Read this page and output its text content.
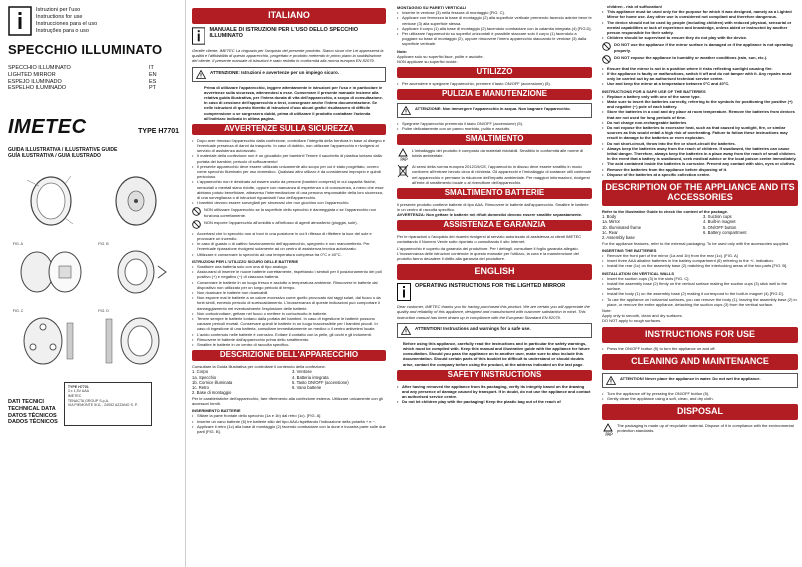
Istruzioni per l'uso
Instructions for use
Instrucciones para el uso
Instruções para o uso
SPECCHIO ILLUMINATO
SPECCHIO ILLUMINATO	IT
LIGHTED MIRROR	EN
ESPEJO ILUMINADO	ES
ESPELHO ILUMINADO	PT
IMETEC	TYPE H7701
GUIDA ILLUSTRATIVA / ILLUSTRATIVE GUIDE
GUÍA ILUSTRATIVA / GUIA ILUSTRADO
FIG. A	FIG. B
FIG. C	FIG. D
DATI TECNICI
TECHNICAL DATA
DATOS TÉCNICOS
DADOS TÉCNICOS
TYPE H7701
3 x 1,5V AAA
IMETEC
TENACTA GROUP S.p.A.
VIA PIEMONTE 5/11 - 24052 AZZANO S. P.
ITALIANO
MANUALE DI ISTRUZIONI PER L'USO DELLO SPECCHIO ILLUMINATO
Gentile cliente, IMETEC La ringrazia per l'acquisto del presente prodotto. Siamo sicuri che Lei apprezzerà la qualità e l'affidabilità di questo apparecchio, progettato e prodotto mettendo in primo piano la soddisfazione del cliente. Il presente manuale di istruzioni è stato redatto in conformità alla norma europea EN 82079.
ATTENZIONE: Istruzioni e avvertenze per un impiego sicuro.
Prima di utilizzare l'apparecchio, leggere attentamente le istruzioni per l'uso e in particolare le avvertenze sulla sicurezza, attenendosi a esse. Conservare il presente manuale insieme alla relativa guida illustrativa, per l'intera durata di vita dell'apparecchio, a scopo di consultazione. In caso di cessione dell'apparecchio a terzi, consegnare anche l'intera documentazione. Se nelle istruzioni di questo libretto di istruzioni d'uso alcuni grafici risultassero di difficile comprensione o se sorgessero dubbi, prima di utilizzare il prodotto contattare l'azienda all'indirizzo indicato in ultima pagina.
AVVERTENZE SULLA SICUREZZA
• Dopo aver rimosso l'apparecchio dalla confezione, controllare l'integrità della fornitura in base al disegno e l'eventuale presenza di danni da trasporto. In caso di dubbio, non utilizzare l'apparecchio e rivolgersi al servizio di assistenza autorizzato.
• Il materiale della confezione non è un giocattolo per bambini! Tenere il sacchetto di plastica lontano dalla portata dei bambini; pericolo di soffocamento!
• Il presente apparecchio deve essere utilizzato unicamente allo scopo per cui è stato progettato, ovvero come specchio illuminato per uso domestico. Qualsiasi altro utilizzo è da considerarsi improprio e quindi pericoloso.
• L'apparecchio non è destinato ad essere usato da persone (bambini compresi) le cui capacità fisiche, sensoriali o mentali siano ridotte, oppure con mancanza di esperienza o di conoscenza, a meno che esse abbiano potuto beneficiare, attraverso l'intermediazione di una persona responsabile della loro sicurezza, di una sorveglianza o di istruzioni riguardanti l'uso dell'apparecchio.
• I bambini devono essere sorvegliati per sincerarsi che non giochino con l'apparecchio.
NON utilizzare l'apparecchio se la superficie dello specchio è danneggiata o se l'apparecchio non funziona correttamente.
NON esporre l'apparecchio all'umidità o all'influsso di agenti atmosferici (pioggia, sole).
• Accertarsi che lo specchio non si trovi in una posizione in cui il riflesso di riflettere la luce del sole e provocare un incendio.
• In caso di guasto o di cattivo funzionamento dell'apparecchio, spegnerlo e non manometterlo. Per l'eventuale riparazione rivolgersi solamente ad un centro di assistenza tecnica autorizzato.
• Utilizzare e conservare lo specchio ad una temperatura compresa tra 0°C e 40°C.
ISTRUZIONI PER L'UTILIZZO SICURO DELLE BATTERIE
• Sostituire una batteria solo con una di tipo analogo.
• Assicurarsi di inserire le nuove batterie correttamente, rispettando i simboli per il posizionamento dei poli positivo (+) e negativo (−) di ciascuna batteria.
• Conservare le batterie in un luogo fresco e asciutto a temperatura ambiente. Rimuovere le batterie dal dispositivo non utilizzato per un lungo periodo di tempo.
• Non ricaricare le batterie non ricaricabili.
• Non esporre mai le batterie a un calore eccessivo come quello provocato dai raggi solari, dal fuoco o da fonti simili, ennesto pericolo di surriscaldamento. L'inosservanza di queste indicazioni può comportare il danneggiamento nel eventualmente l'esplosione delle batterie.
• Non cortocircuitare, gettare nel fuoco o mettere in cortocircuito le batterie.
• Tenere sempre le batterie lontano dalla portata dei bambini. In caso di ingestione le batterie possono causare pericoli mortali. Conservare quindi le batterie in un luogo inaccessibile per i bambini piccoli. In caso di ingestione di una batteria, consultare immediatamente un medico o il centro antiveleni locale.
• L'acido contenuto nelle batterie è corrosivo. Evitare il contatto con la pelle, gli occhi e gli indumenti.
• Rimuovere le batterie dall'apparecchio prima dello smaltimento.
• Smaltire le batterie in un centro di raccolta specifico.
DESCRIZIONE DELL'APPARECCHIO
Consultare la Guida Illustrativa per controllare il contenuto della confezione.
1. Corpo
1a. Specchio
1b. Cornice illuminata
1c. Retro
2. Base di montaggio
3. Ventose
4. Batteria integrata
5. Tasto ON/OFF (accensione)
6. Vano batterie
Per le caratteristiche dell'apparecchio, fare riferimento alla confezione esterna. Utilizzare unicamente con gli accessori forniti.
INSERIMENTO BATTERIE
• Sfilare la parte frontale dello specchio (1a e 1b) dal retro (1c). [FIG. A]
• Inserire un vano batterie (6) tre batterie stilo del tipo AAA rispettando l'indicazione della polarità + e −.
• Applicare il retro (1c) alla base di montaggio (2) facendo combaciare con la dune e incastra parte sulle due parti [FIG. B].
MONTAGGIO SU PARETI VERTICALI
• Inserire le ventose (3) nella fessura di montaggio [FIG. C].
• Applicare con fermezza la base di montaggio (2) alla superficie verticale premendo facendo aderire bene le ventose (3) alla superficie stessa.
• Applicare il corpo (1) alla base di montaggio (2) facendolo combaciare con la calamita integrata (4) [FIG.D].
• Per utilizzare l'apparecchio su superfici orizzontali è possibile staccare solo il corpo (1) facendolo a poggiare su base di montaggio (2), oppure rimuovere l'intero apparecchio staccando le ventose (3) dalla superficie verticale.
Note:
Applicare solo su superfici lisce, pulite e asciutte.
NON applicare su superfici ruvide.
UTILIZZO
• Per accendere e spegnere l'apparecchio, premere il tasto ON/OFF (accensione) (5).
PULIZIA E MANUTENZIONE
ATTENZIONE: Non immergere l'apparecchio in acqua. Non bagnare l'apparecchio.
• Spegnere l'apparecchio premendo il tasto ON/OFF (accensione) (5).
• Pulire delicatamente con un panno morbido, pulito e asciutto.
SMALTIMENTO
PAP
L'imballaggio del prodotto è composto da materiali riciclabili. Smaltirlo in conformità alle norme di tutela ambientale.
Ai sensi della norma europea 2012/19/CE, l'apparecchio in disuso deve essere smaltito in modo conforme all'entrare bevuto circa di richiesta. Gli apparecchi e l'imballaggio di sostanze utili contenute nel apparecchio e permane la riduzione dell'impatto ambientale. Per maggiori informazioni, rivolgersi all'ente di smaltimento locale o al rivenditore dell'apparecchio.
SMALTIMENTO BATTERIE
Il presente prodotto contiene batterie di tipo AAA. Rimuovere le batterie dall'apparecchio. Smaltire le batterie in un centro di raccolta specifico.
AVVERTENZA: Non gettare le batterie nei rifiuti domestici devono essere smaltite separatamente.
ASSISTENZA E GARANZIA
Per le riparazioni o l'acquisto dei ricambi rivolgersi al servizio autorizzato di assistenza ai clienti IMETEC contattando il Numero Verde sotto riportato o consultando il sito Internet.
L'apparecchio è coperto da garanzia del produttore. Per i dettagli, consultare il foglio garanzia allegato. L'inosservanza delle istruzioni contenute in questo manuale per l'utilizzo, la cura e la manutenzione del prodotto fanno decadere il diritto alla garanzia del produttore.
ENGLISH
OPERATING INSTRUCTIONS FOR THE LIGHTED MIRROR
Dear customer, IMETEC thanks you for having purchased this product. We are certain you will appreciate the quality and reliability of this appliance, designed and manufactured with customer satisfaction in mind. This instruction manual has been drawn up in compliance with the European Standard EN 82079.
ATTENTION! Instructions and warnings for a safe use.
Before using this appliance, carefully read the instructions and in particular the safety warnings, which must be complied with. Keep this manual and illustrative guide with the appliance for future consultation. Should you pass the appliance on to another user, make sure to also include this documentation. Should certain parts of this booklet be difficult to understand or should doubts arise, contact the company before using the product, at the address indicated on the last page.
SAFETY INSTRUCTIONS
• After having removed the appliance from its packaging, verify its integrity based on the drawing and any presence of damage caused by transport. If in doubt, do not use the appliance and contact an authorised service centre.
• Do not let children play with the packaging! Keep the plastic bag out of the reach of
children - risk of suffocation!
• This appliance must be used only for the purpose for which it was designed, namely as a Lighted Mirror for home use. Any other use is considered not compliant and therefore dangerous.
• The device should not be used by people (including children) with reduced physical, sensorial or mental capabilities or lack of experience and knowledge, unless aided or instructed by another person responsible for their safety.
• Children should be supervised to ensure they do not play with the device.
DO NOT use the appliance if the mirror surface is damaged or if the appliance is not operating properly.
DO NOT expose the appliance to humidity or weather conditions (rain, sun, etc.).
• Ensure that the mirror is not in a position where it risks reflecting sunlight causing fire.
• If the appliance is faulty or malfunctions, switch it off and do not tamper with it. Any repairs must only be carried out by an authorised technical service centre.
• Use and keep the mirror at a temperature between 0°C and 40°C.
INSTRUCTIONS FOR A SAFE USE OF THE BATTERIES
• Replace a battery only with one of the same type.
• Make sure to insert the batteries correctly, referring to the symbols for positioning the positive (+) and negative (−) pole of each battery.
• Store the batteries in a cool and dry place at room temperature. Remove the batteries from devices that are not used for long periods of time.
• Do not charge non-rechargeable batteries
• Do not expose the batteries to excessive heat, such as that caused by sunlight, fire, or similar sources as this would entail a high risk of overheating. Failure to follow these instructions may result in damage to the batteries or even explosion.
• Do not short-circuit, throw into the fire or short-circuit the batteries.
• Always keep the batteries away from the reach of children. If swallowed, the batteries can cause lethal danger. Therefore, always keep the batteries in a place away from the reach of small children. In the event that a battery is swallowed, seek medical advice or the local poison centre immediately.
• The acid contained inside the batteries is corrosive. Prevent any contact with skin, eyes or clothes.
• Remove the batteries from the appliance before disposing of it.
• Dispose of the batteries at a specific collection centre.
DESCRIPTION OF THE APPLIANCE AND ITS ACCESSORIES
Refer to the Illustrative Guide to check the content of the package.
1. Body
1a. Mirror
1b. Illuminated frame
1c. Rear
2. Assembly base
3. Suction cups
4. Built-in magnet
5. ON/OFF button
6. Battery compartment
For the appliance features, refer to the external packaging. To be used only with the accessories supplied.
INSERTING THE BATTERIES
• Remove the front part of the mirror (1a and 1b) from the rear (1c). [FIG. A]
• Insert three AAA alkaline batteries in the battery compartment (6) referring to the +/- indication.
• Install the rear (1c) on the assembly base (2) matching the interlocking areas of the two parts [FIG. B].
INSTALLATION ON VERTICAL WALLS
• Insert the suction cups (3) in the slots [FIG. C].
• Install the assembly base (2) firmly on the vertical surface making the suction cups (3) stick well to the surface.
• Install the body (1) on the assembly base (2) making it correspond to the built-in magnet (4) [FIG.D].
• To use the appliance on horizontal surfaces, you can remove the body (1), leaving the assembly base (2) in place, or remove the entire appliance, detaching the suction cups (3) from the vertical surface.
Note:
Apply only to smooth, clean and dry surfaces.
DO NOT apply to rough surfaces.
INSTRUCTIONS FOR USE
• Press the ON/OFF button (5) to turn the appliance on and off.
CLEANING AND MAINTENANCE
ATTENTION! Never place the appliance in water. Do not wet the appliance.
• Turn the appliance off by pressing the ON/OFF button (5).
• Gently clean the appliance using a soft, clean, and dry cloth.
DISPOSAL
PAP
The packaging is made up of recyclable material. Dispose of it in compliance with the environmental protection standards.
